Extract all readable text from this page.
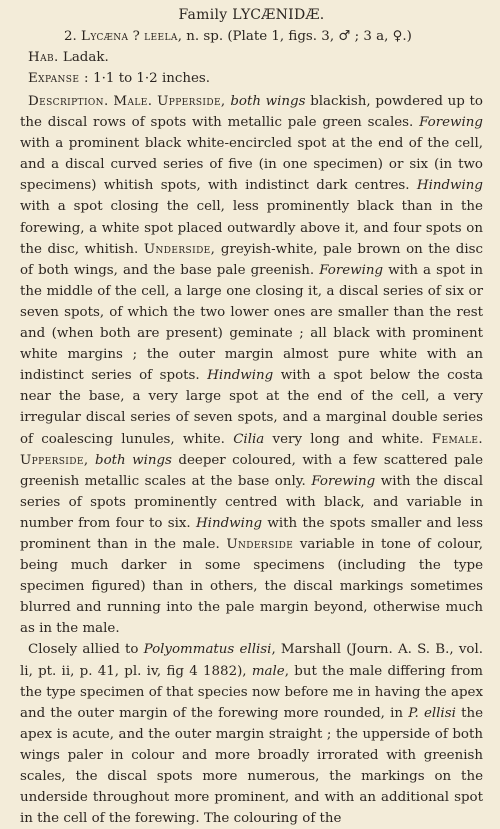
Family LYCÆNIDÆ.
2. Lycæna ? leela, n. sp. (Plate 1, figs. 3, ♂ ; 3 a, ♀.)
Hab. Ladak.
Expanse : 1·1 to 1·2 inches.

Description. Male. Upperside, both wings blackish, powdered up to the discal rows of spots with metallic pale green scales. Forewing with a prominent black white-encircled spot at the end of the cell, and a discal curved series of five (in one specimen) or six (in two specimens) whitish spots, with indistinct dark centres. Hindwing with a spot closing the cell, less prominently black than in the forewing, a white spot placed outwardly above it, and four spots on the disc, whitish. Underside, greyish-white, pale brown on the disc of both wings, and the base pale greenish. Forewing with a spot in the middle of the cell, a large one closing it, a discal series of six or seven spots, of which the two lower ones are smaller than the rest and (when both are present) geminate ; all black with prominent white margins ; the outer margin almost pure white with an indistinct series of spots. Hindwing with a spot below the costa near the base, a very large spot at the end of the cell, a very irregular discal series of seven spots, and a marginal double series of coalescing lunules, white. Cilia very long and white. Female. Upperside, both wings deeper coloured, with a few scattered pale greenish metallic scales at the base only. Forewing with the discal series of spots prominently centred with black, and variable in number from four to six. Hindwing with the spots smaller and less prominent than in the male. Underside variable in tone of colour, being much darker in some specimens (including the type specimen figured) than in others, the discal markings sometimes blurred and running into the pale margin beyond, otherwise much as in the male.

Closely allied to Polyommatus ellisi, Marshall (Journ. A. S. B., vol. li, pt. ii, p. 41, pl. iv, fig 4 1882), male, but the male differing from the type specimen of that species now before me in having the apex and the outer margin of the forewing more rounded, in P. ellisi the apex is acute, and the outer margin straight ; the upperside of both wings paler in colour and more broadly irrorated with greenish scales, the discal spots more numerous, the markings on the underside throughout more prominent, and with an additional spot in the cell of the forewing. The colouring of the
